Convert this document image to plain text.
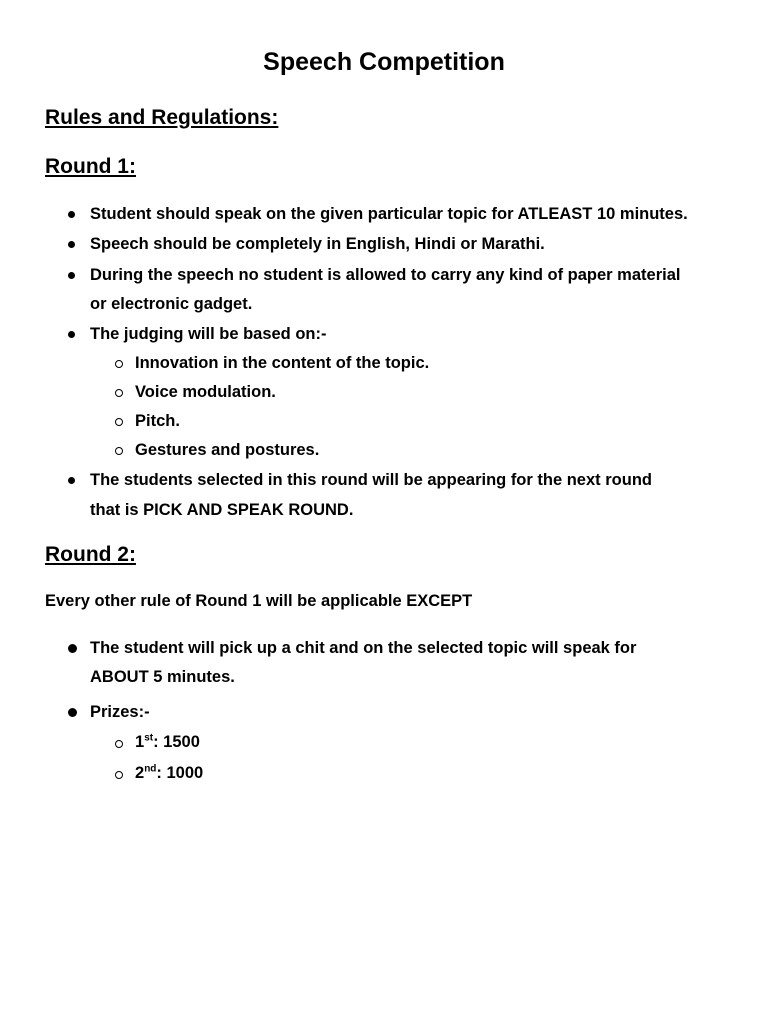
Speech Competition
Rules and Regulations:
Round 1:

Student should speak on the given particular topic for ATLEAST 10 minutes.

Speech should be completely in English, Hindi or Marathi.

During the speech no student is allowed to carry any kind of paper material

or electronic gadget.

The judging will be based on:-

Innovation in the content of the topic.

Voice modulation.

Pitch.

Gestures and postures.

The students selected in this round will be appearing for the next round

that is PICK AND SPEAK ROUND.

Round 2:

Every other rule of Round 1 will be applicable EXCEPT

The student will pick up a chit and on the selected topic will speak for

ABOUT 5 minutes.

Prizes:-

1st: 1500

2nd: 1000
